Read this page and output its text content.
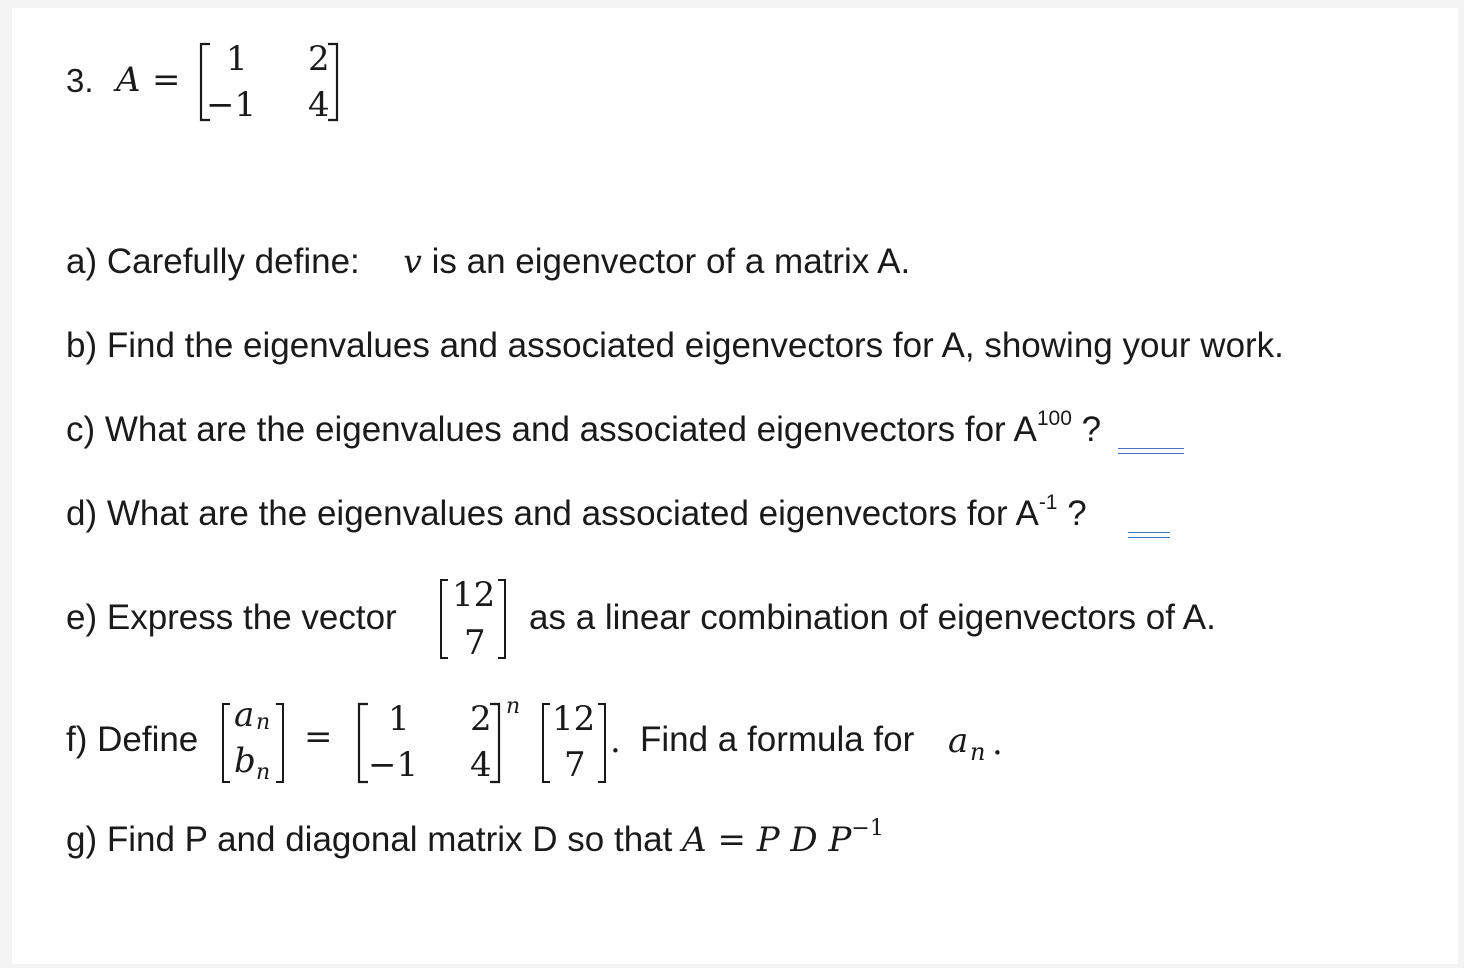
3. A =
1 2
−1 4
a) Carefully define: v is an eigenvector of a matrix A.
b) Find the eigenvalues and associated eigenvectors for A, showing your work.
c) What are the eigenvalues and associated eigenvectors for $A^{100}$ ?
d) What are the eigenvalues and associated eigenvectors for $A^{-1}$ ?
e) Express the vector
12
7
as a linear combination of eigenvectors of A.
f) Define
a n
b n
= 1 2
−1 4
n 12
7
. Find a formula for a n .
g) Find P and diagonal matrix D so that A = P D $P^{-1}$
